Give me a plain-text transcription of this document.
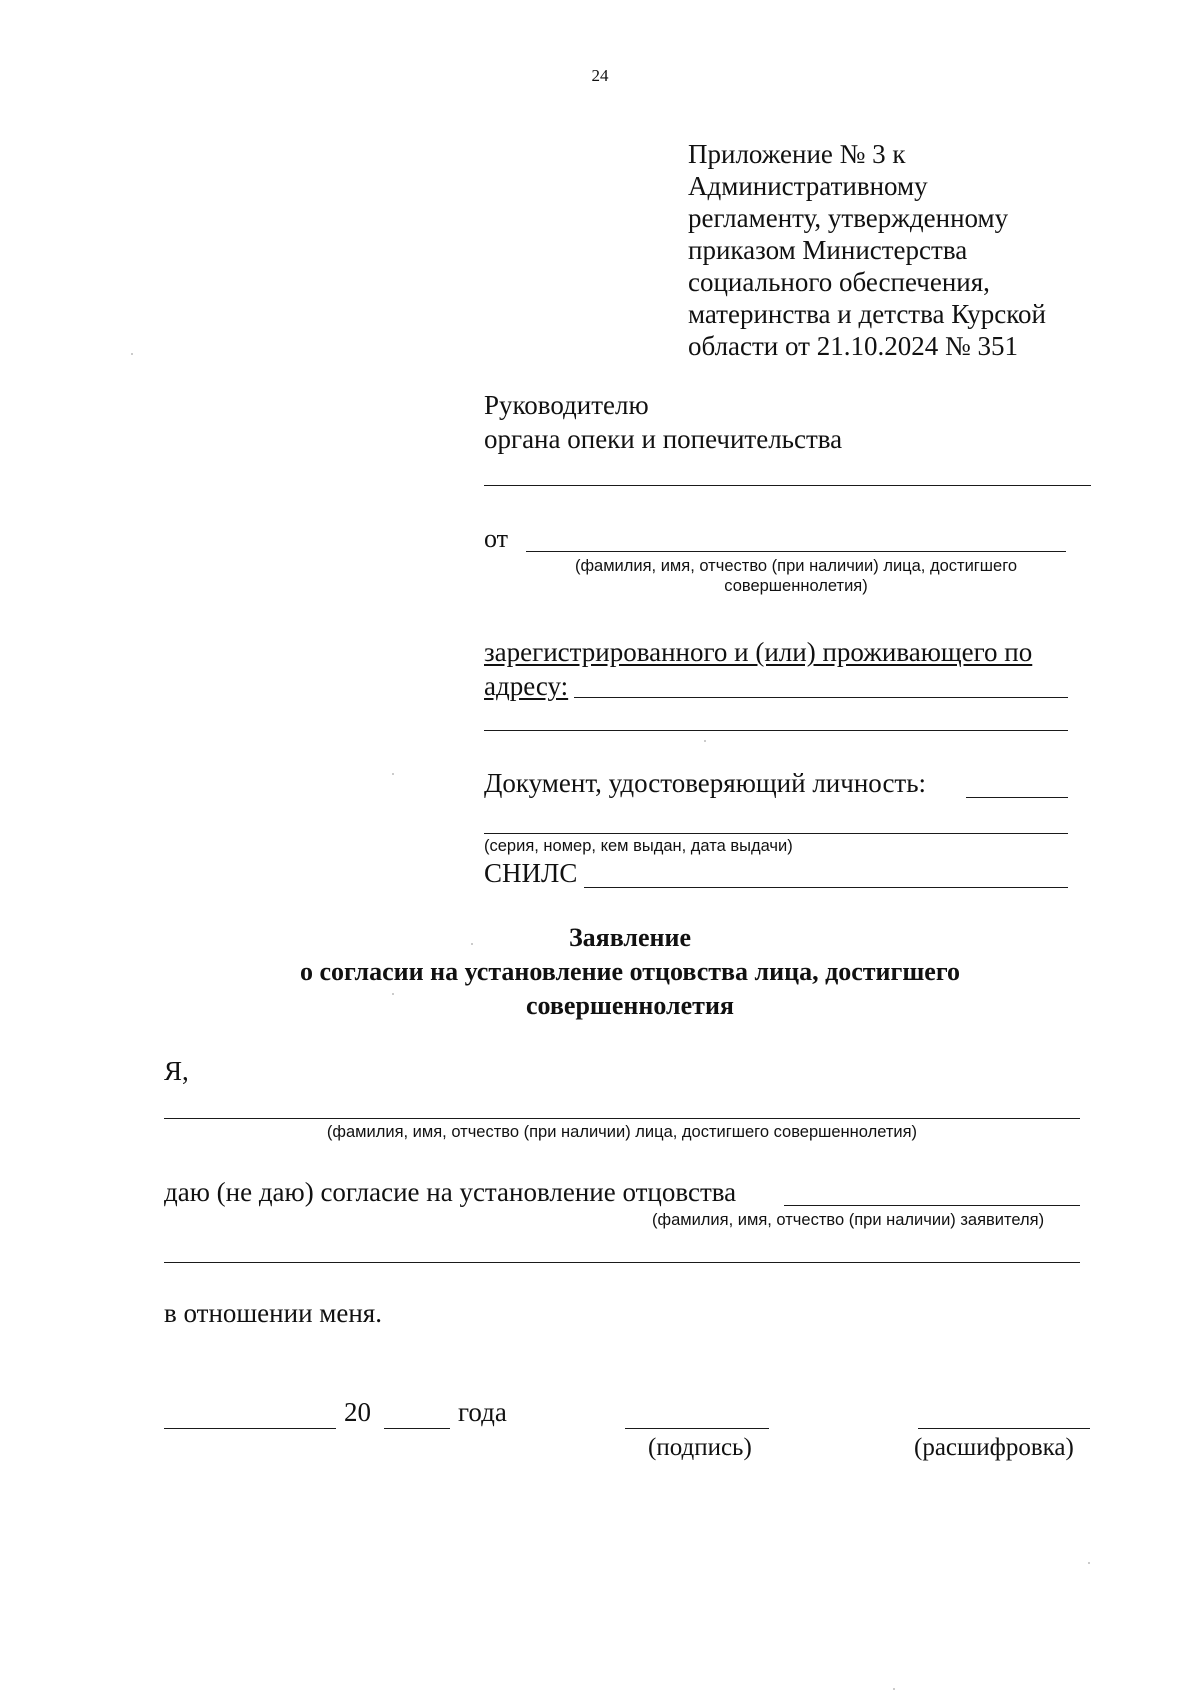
24
Приложение № 3 к
Административному
регламенту, утвержденному
приказом Министерства
социального обеспечения,
материнства и детства Курской
области от 21.10.2024 № 351
Руководителю
органа опеки и попечительства
от
(фамилия, имя, отчество (при наличии) лица, достигшего
совершеннолетия)
зарегистрированного и (или) проживающего по
адресу:
Документ, удостоверяющий личность:
(серия, номер, кем выдан, дата выдачи)
СНИЛС
Заявление
о согласии на установление отцовства лица, достигшего
совершеннолетия
Я,
(фамилия, имя, отчество (при наличии) лица, достигшего совершеннолетия)
даю (не даю) согласие на установление отцовства
(фамилия, имя, отчество (при наличии) заявителя)
в отношении меня.
20	года
(подпись)	(расшифровка)
